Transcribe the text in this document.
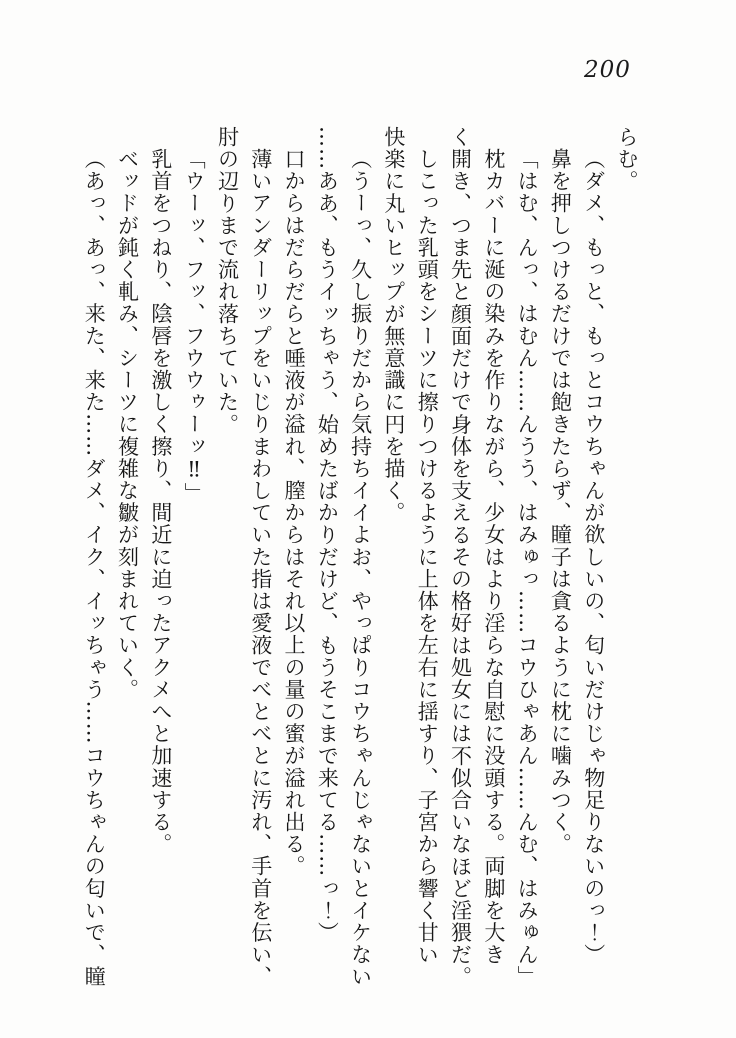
200
らむ。
（ダメ、もっと、もっとコウちゃんが欲しいの、匂いだけじゃ物足りないのっ！）
鼻を押しつけるだけでは飽きたらず、瞳子は貪るように枕に噛みつく。
「はむ、んっ、はむん……んうう、はみゅっ……コウひゃあん……んむ、はみゅん」
枕カバーに涎の染みを作りながら、少女はより淫らな自慰に没頭する。両脚を大き
く開き、つま先と顔面だけで身体を支えるその格好は処女には不似合いなほど淫猥だ。
しこった乳頭をシーツに擦りつけるように上体を左右に揺すり、子宮から響く甘い
快楽に丸いヒップが無意識に円を描く。
（うーっ、久し振りだから気持ちイイよお、やっぱりコウちゃんじゃないとイケない
……ああ、もうイッちゃう、始めたばかりだけど、もうそこまで来てる……っ！）
口からはだらだらと唾液が溢れ、膣からはそれ以上の量の蜜が溢れ出る。
薄いアンダーリップをいじりまわしていた指は愛液でべとべとに汚れ、手首を伝い、
肘の辺りまで流れ落ちていた。
「ウーッ、フッ、フウウゥーッ‼」
乳首をつねり、陰唇を激しく擦り、間近に迫ったアクメへと加速する。
ベッドが鈍く軋み、シーツに複雑な皺が刻まれていく。
（あっ、あっ、来た、来た……ダメ、イク、イッちゃう……コウちゃんの匂いで、瞳
